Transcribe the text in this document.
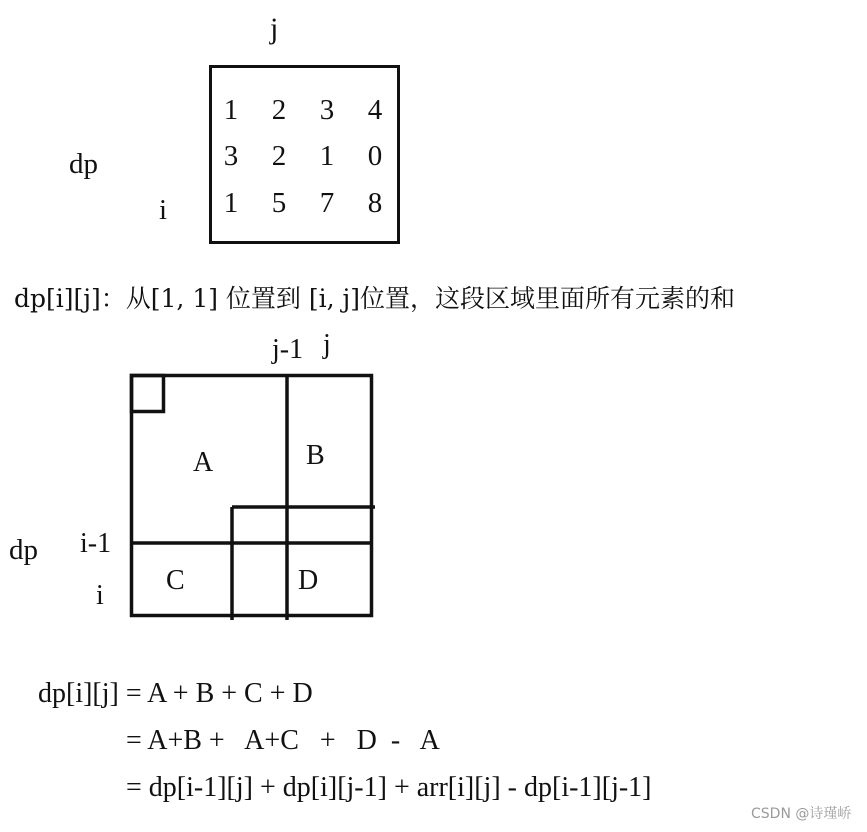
j
dp
i
1	2	3	4
3	2	1	0
1	5	7	8
dp[i][j]：从[1, 1] 位置到 [i, j]位置，这段区域里面所有元素的和
j-1 j
dp i-1
i
A	B
C	D
dp[i][j] = A + B + C + D
= A+B +   A+C   +   D  -   A
= dp[i-1][j] + dp[i][j-1] + arr[i][j] - dp[i-1][j-1]
CSDN @诗瑾峤
